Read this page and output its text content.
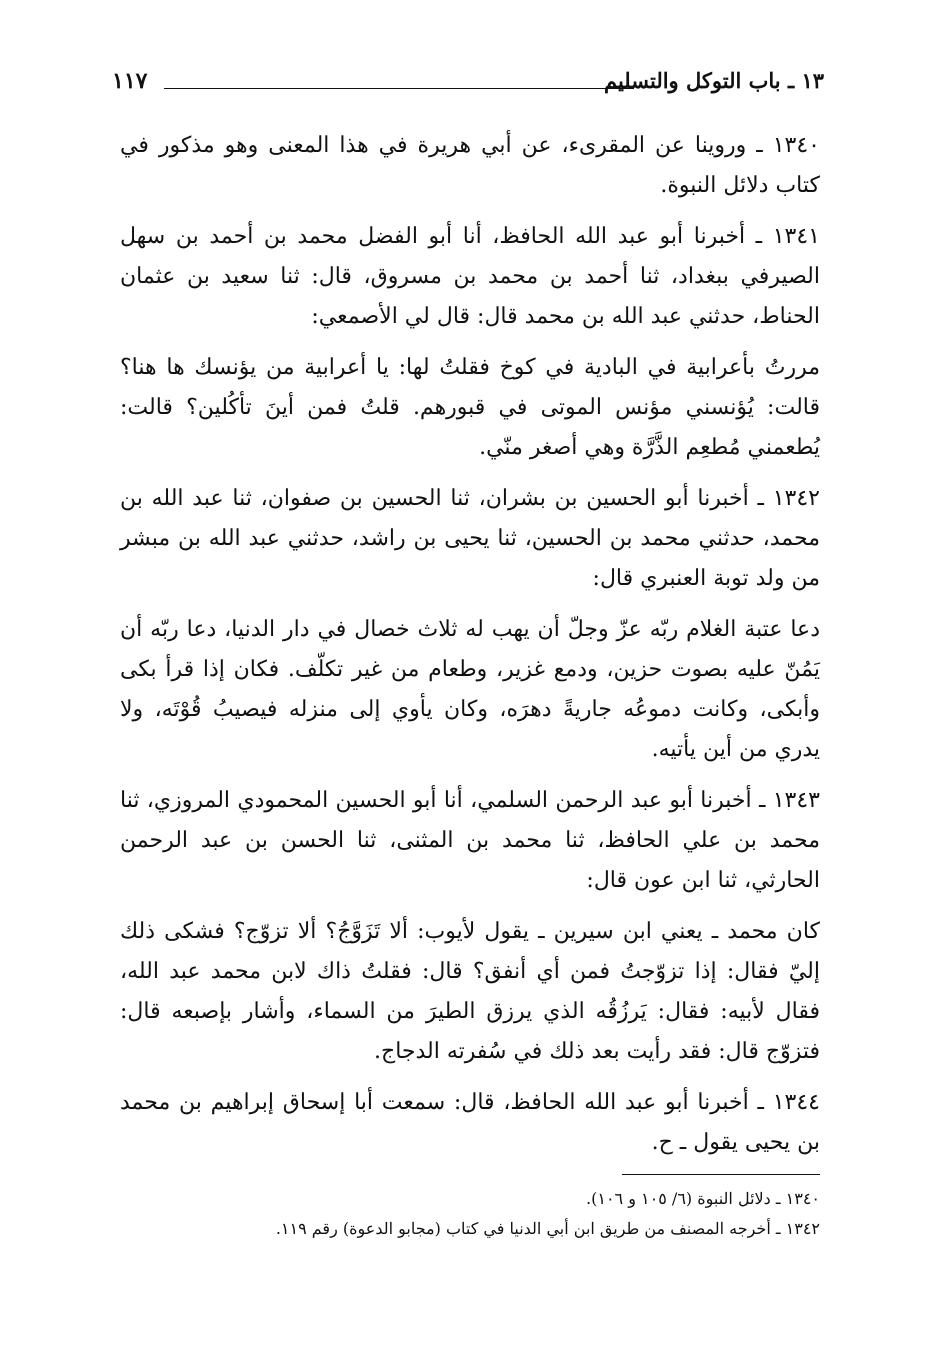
١٣ ـ باب التوكل والتسليم
١١٧

١٣٤٠ ـ وروينا عن المقرىء، عن أبي هريرة في هذا المعنى وهو مذكور في كتاب دلائل النبوة.

١٣٤١ ـ أخبرنا أبو عبد الله الحافظ، أنا أبو الفضل محمد بن أحمد بن سهل الصيرفي ببغداد، ثنا أحمد بن محمد بن مسروق، قال: ثنا سعيد بن عثمان الحناط، حدثني عبد الله بن محمد قال: قال لي الأصمعي:

مررتُ بأعرابية في البادية في كوخ فقلتُ لها: يا أعرابية من يؤنسك ها هنا؟ قالت: يُؤنسني مؤنس الموتى في قبورهم. قلتُ فمن أينَ تأكُلين؟ قالت: يُطعمني مُطعِم الذَّرَّة وهي أصغر منّي.

١٣٤٢ ـ أخبرنا أبو الحسين بن بشران، ثنا الحسين بن صفوان، ثنا عبد الله بن محمد، حدثني محمد بن الحسين، ثنا يحيى بن راشد، حدثني عبد الله بن مبشر من ولد توبة العنبري قال:

دعا عتبة الغلام ربّه عزّ وجلّ أن يهب له ثلاث خصال في دار الدنيا، دعا ربّه أن يَمُنّ عليه بصوت حزين، ودمع غزير، وطعام من غير تكلّف. فكان إذا قرأ بكى وأبكى، وكانت دموعُه جاريةً دهرَه، وكان يأوي إلى منزله فيصيبُ قُوْتَه، ولا يدري من أين يأتيه.

١٣٤٣ ـ أخبرنا أبو عبد الرحمن السلمي، أنا أبو الحسين المحمودي المروزي، ثنا محمد بن علي الحافظ، ثنا محمد بن المثنى، ثنا الحسن بن عبد الرحمن الحارثي، ثنا ابن عون قال:

كان محمد ـ يعني ابن سيرين ـ يقول لأيوب: ألا تَزَوَّجُ؟ ألا تزوّج؟ فشكى ذلك إليّ فقال: إذا تزوّجتُ فمن أي أنفق؟ قال: فقلتُ ذاك لابن محمد عبد الله، فقال لأبيه: فقال: يَرزُقُه الذي يرزق الطيرَ من السماء، وأشار بإصبعه قال: فتزوّج قال: فقد رأيت بعد ذلك في سُفرته الدجاج.

١٣٤٤ ـ أخبرنا أبو عبد الله الحافظ، قال: سمعت أبا إسحاق إبراهيم بن محمد بن يحيى يقول ـ ح.

١٣٤٠ ـ دلائل النبوة (٦/ ١٠٥ و ١٠٦).

١٣٤٢ ـ أخرجه المصنف من طريق ابن أبي الدنيا في كتاب (مجابو الدعوة) رقم ١١٩.
